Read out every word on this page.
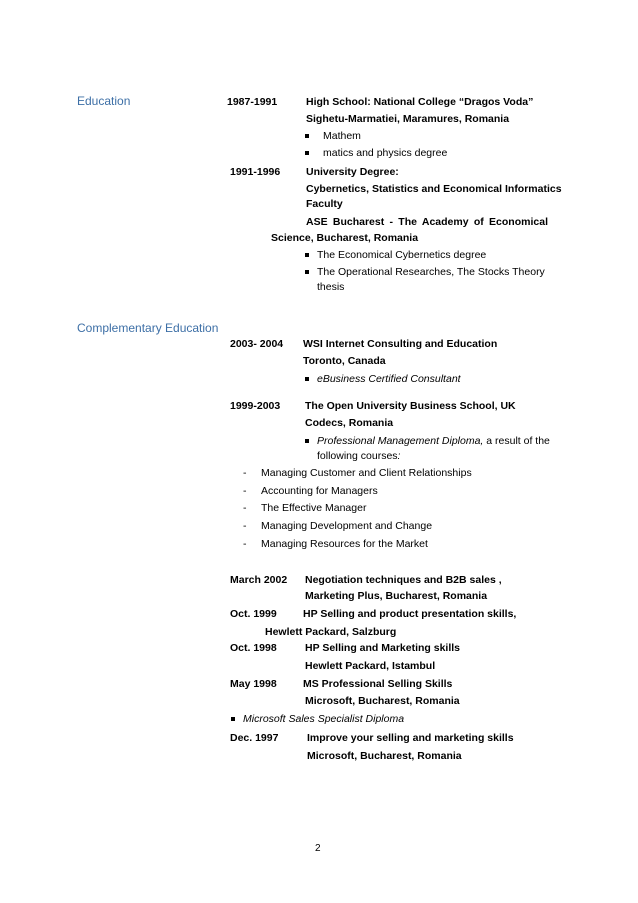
Education	1987-1991	High School: National College “Dragos Voda”
Sighetu-Marmatiei, Maramures, Romania
Mathem
matics and physics degree
1991-1996 University Degree:
Cybernetics, Statistics and Economical Informatics
Faculty
ASE Bucharest - The Academy of Economical
Science, Bucharest, Romania
The Economical Cybernetics degree
The Operational Researches, The Stocks Theory
thesis
Complementary Education
2003- 2004 WSI Internet Consulting and Education
Toronto, Canada
eBusiness Certified Consultant
1999-2003 The Open University Business School, UK
Codecs, Romania
Professional Management Diploma, a result of the
following courses:
- Managing Customer and Client Relationships
- Accounting for Managers
- The Effective Manager
- Managing Development and Change
- Managing Resources for the Market
March 2002 Negotiation techniques and B2B sales ,
Marketing Plus, Bucharest, Romania
Oct. 1999	HP Selling and product presentation skills,
Hewlett Packard, Salzburg
Oct. 1998	HP Selling and Marketing skills
Hewlett Packard, Istambul
May 1998	MS Professional Selling Skills
Microsoft, Bucharest, Romania
Microsoft Sales Specialist Diploma
Dec. 1997	Improve your selling and marketing skills
Microsoft, Bucharest, Romania
2
